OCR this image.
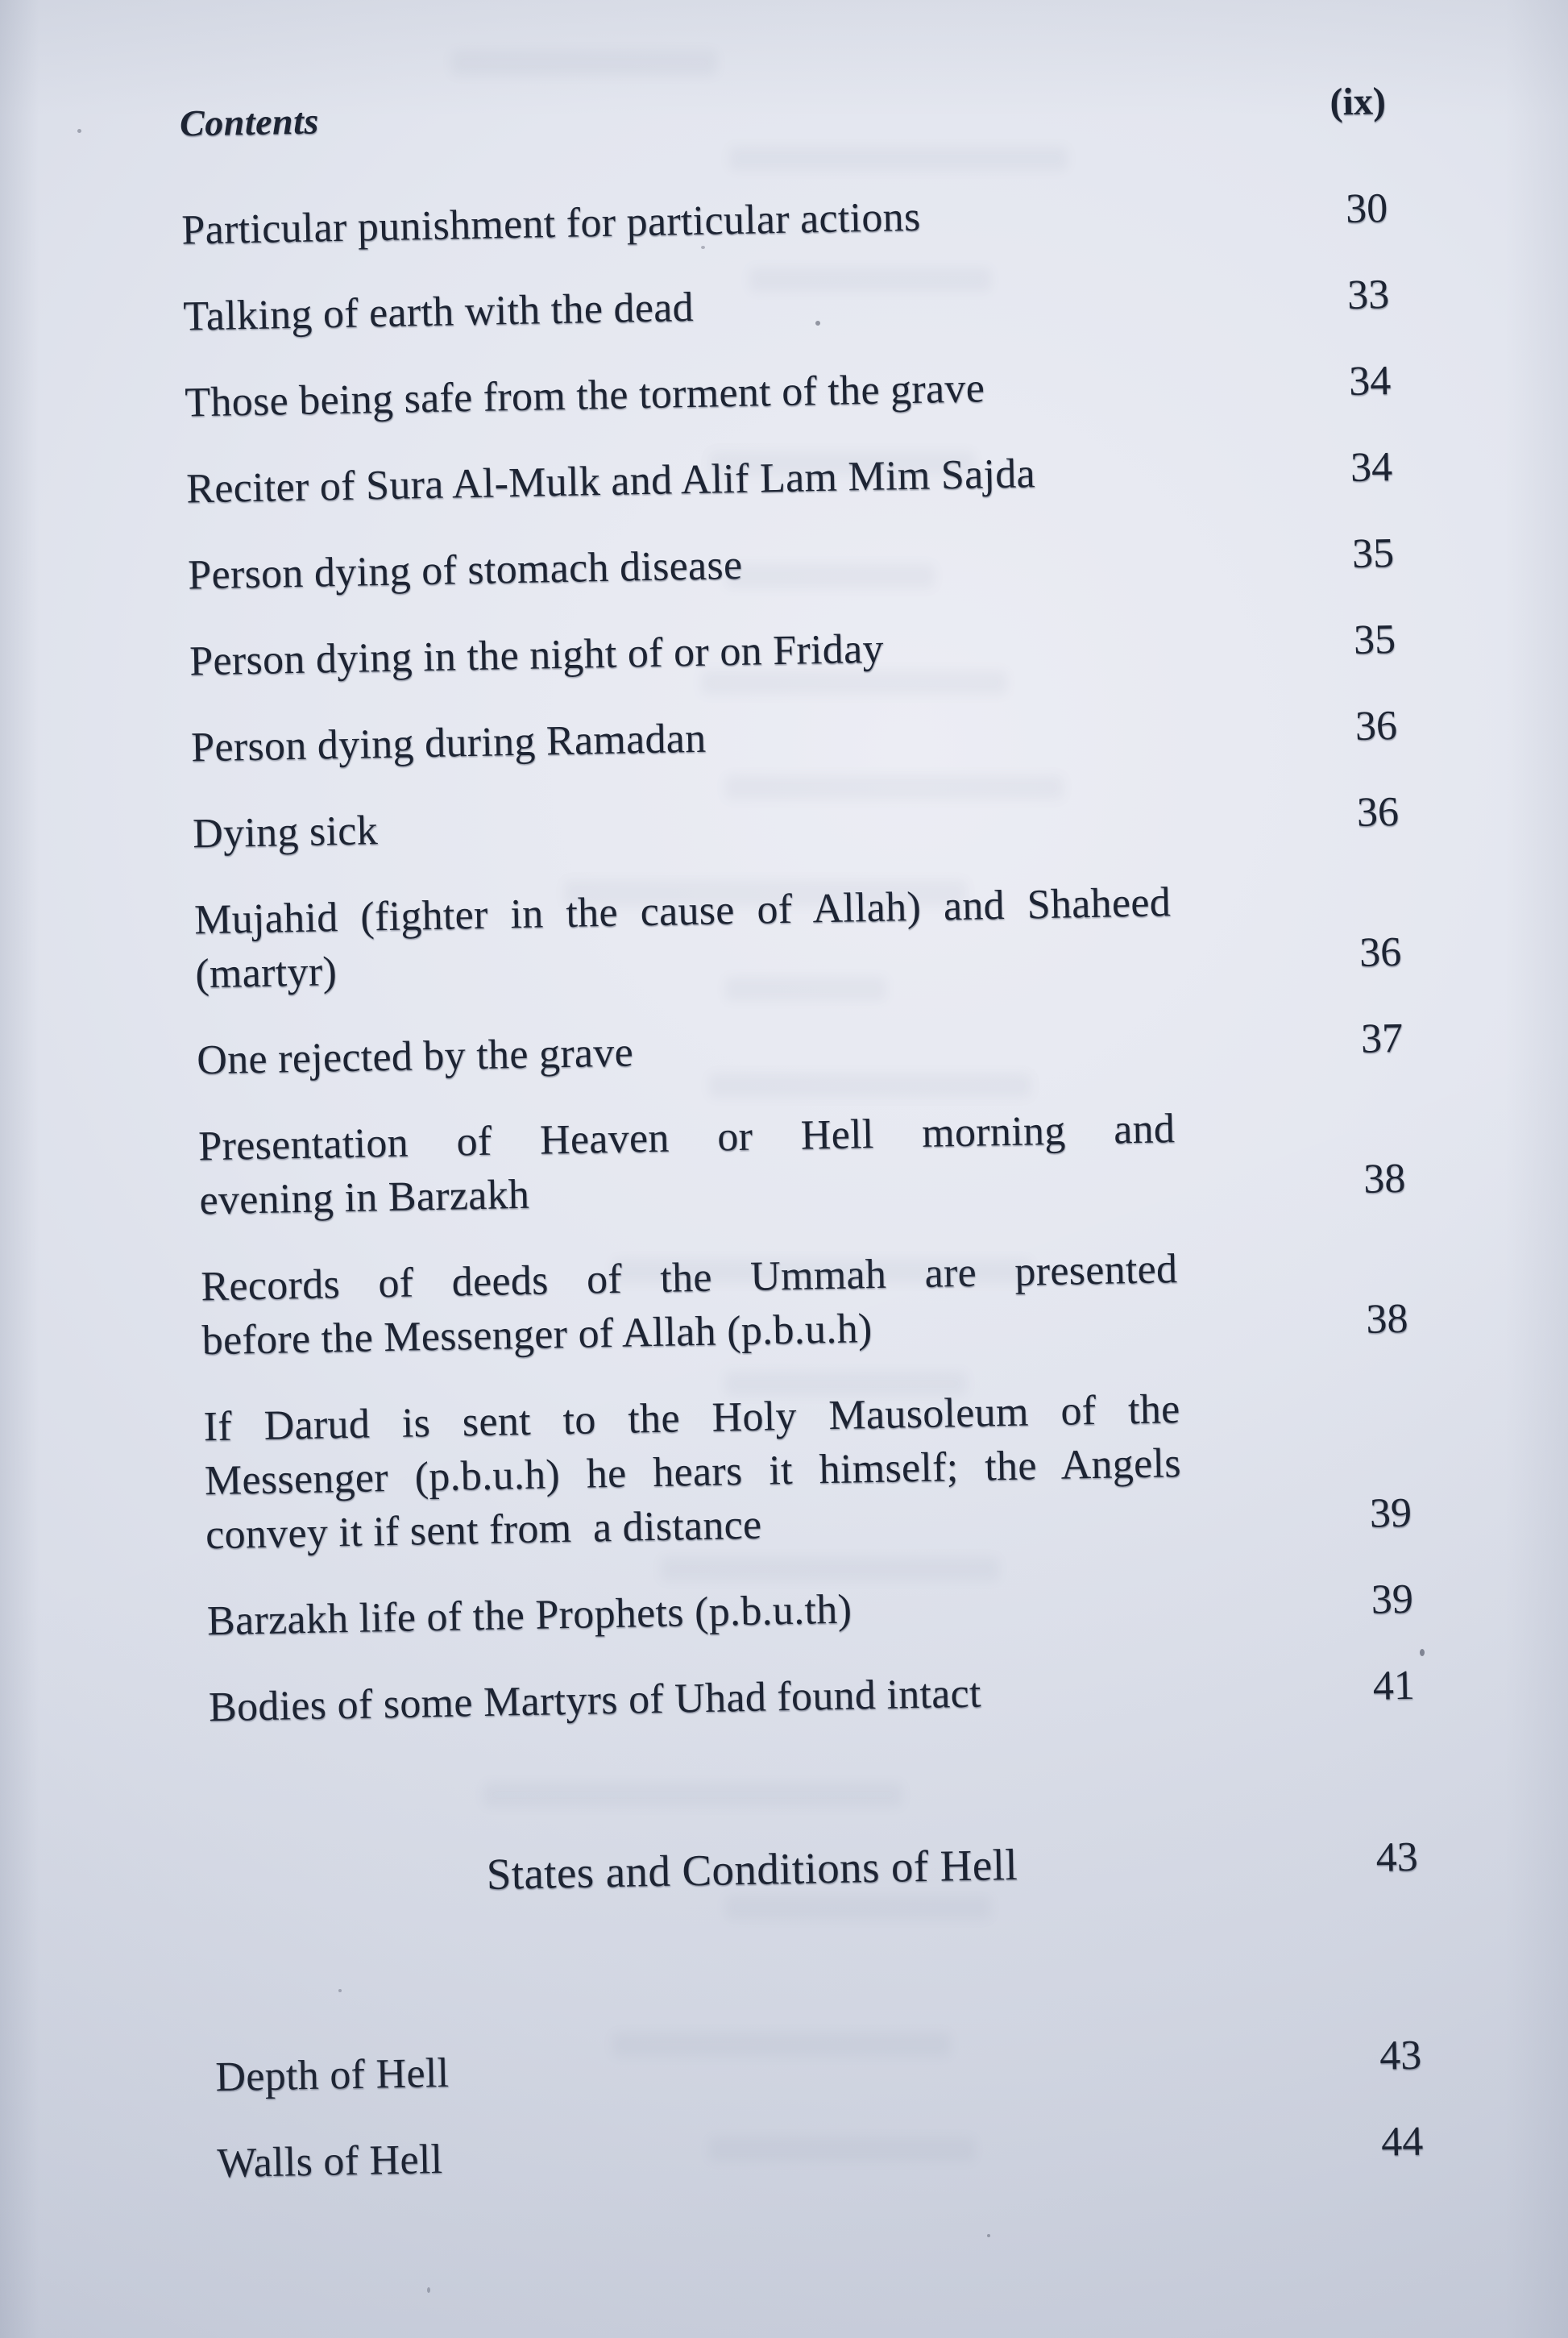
Contents	(ix)
Particular punishment for particular actions	30
Talking of earth with the dead	33
Those being safe from the torment of the grave	34
Reciter of Sura Al-Mulk and Alif Lam Mim Sajda	34
Person dying of stomach disease	35
Person dying in the night of or on Friday	35
Person dying during Ramadan	36
Dying sick	36
Mujahid (fighter in the cause of Allah) and Shaheed
(martyr)	36
One rejected by the grave	37
Presentation of Heaven or Hell morning and
evening in Barzakh	38
Records of deeds of the Ummah are presented
before the Messenger of Allah (p.b.u.h)	38
If Darud is sent to the Holy Mausoleum of the
Messenger (p.b.u.h) he hears it himself; the Angels
convey it if sent from  a distance	39
Barzakh life of the Prophets (p.b.u.th)	39
Bodies of some Martyrs of Uhad found intact	41
States and Conditions of Hell	43
Depth of Hell	43
Walls of Hell	44
